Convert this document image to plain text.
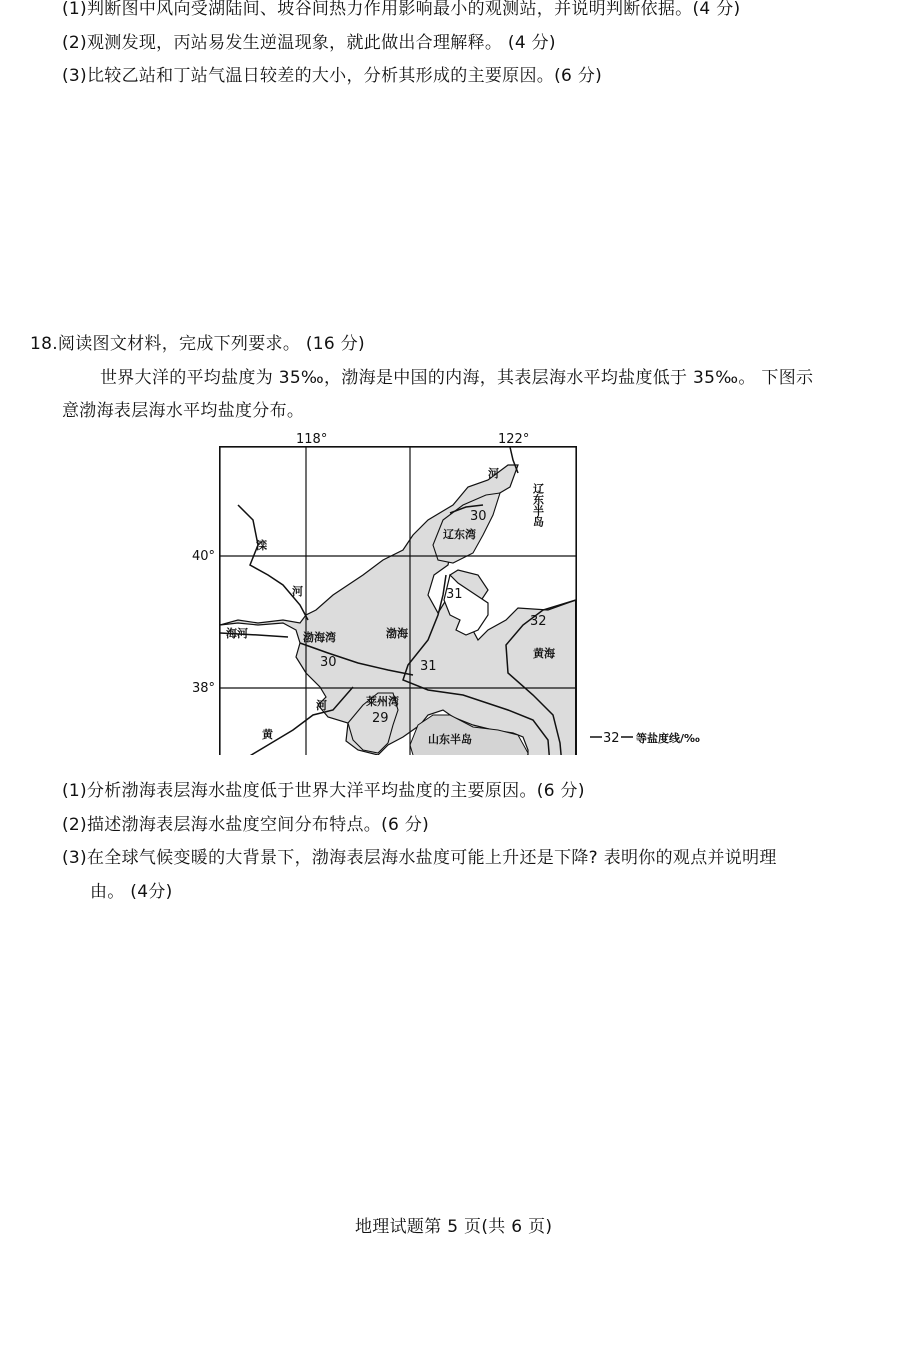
(1)判断图中风向受湖陆间、坡谷间热力作用影响最小的观测站，并说明判断依据。(4 分)
(2)观测发现，丙站易发生逆温现象，就此做出合理解释。 (4 分)
(3)比较乙站和丁站气温日较差的大小，分析其形成的主要原因。(6 分)
18.阅读图文材料，完成下列要求。 (16 分)
世界大洋的平均盐度为 35‰，渤海是中国的内海，其表层海水平均盐度低于 35‰。 下图示
意渤海表层海水平均盐度分布。
118°	122°
40°
38°
30
31
32
30	31
29
辽东湾
渤海湾
莱州湾
渤海
黄海
辽东半岛
山东半岛
河
滦
河
海河
河
黄	32 等盐度线/‰
(1)分析渤海表层海水盐度低于世界大洋平均盐度的主要原因。(6 分)
(2)描述渤海表层海水盐度空间分布特点。(6 分)
(3)在全球气候变暖的大背景下，渤海表层海水盐度可能上升还是下降? 表明你的观点并说明理
由。 (4分)
地理试题第 5 页(共 6 页)
